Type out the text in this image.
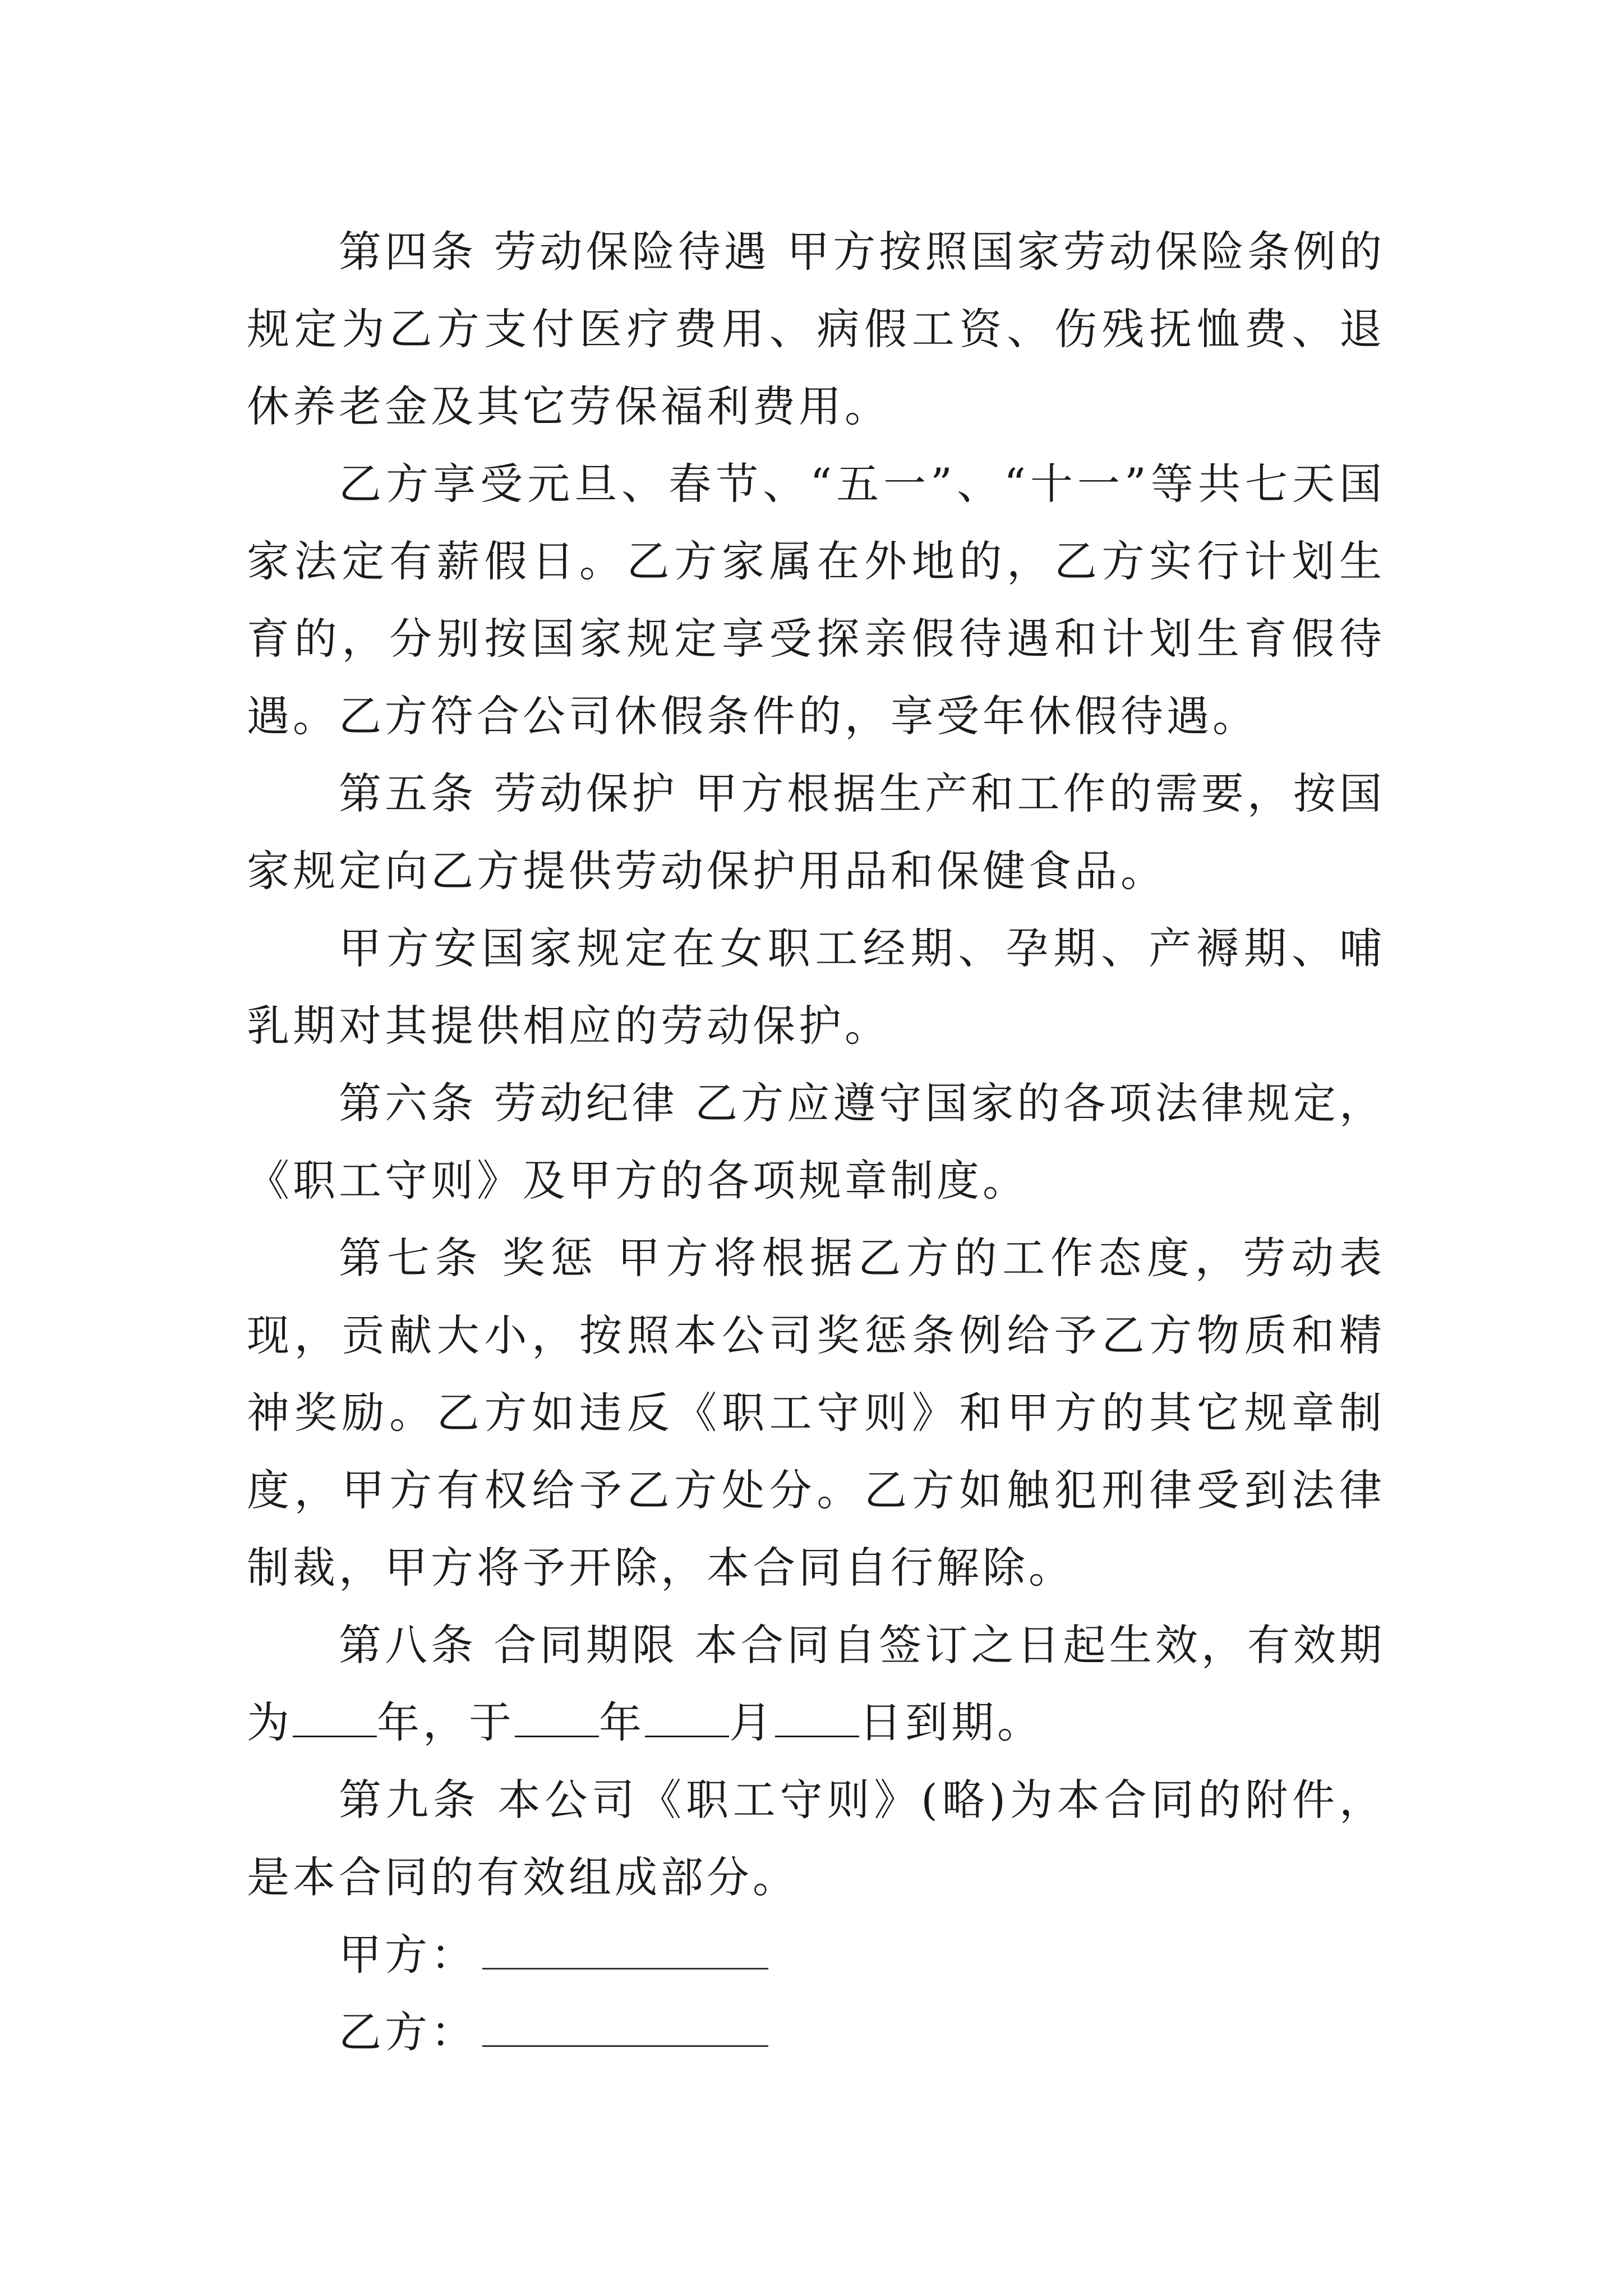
第四条 劳动保险待遇 甲方按照国家劳动保险条例的规定为乙方支付医疗费用、病假工资、伤残抚恤费、退休养老金及其它劳保福利费用。

乙方享受元旦、春节、“五一”、“十一”等共七天国家法定有薪假日。乙方家属在外地的，乙方实行计划生育的，分别按国家规定享受探亲假待遇和计划生育假待遇。乙方符合公司休假条件的，享受年休假待遇。

第五条 劳动保护 甲方根据生产和工作的需要，按国家规定向乙方提供劳动保护用品和保健食品。

甲方安国家规定在女职工经期、孕期、产褥期、哺乳期对其提供相应的劳动保护。

第六条 劳动纪律 乙方应遵守国家的各项法律规定，《职工守则》及甲方的各项规章制度。

第七条 奖惩 甲方将根据乙方的工作态度，劳动表现，贡献大小，按照本公司奖惩条例给予乙方物质和精神奖励。乙方如违反《职工守则》和甲方的其它规章制度，甲方有权给予乙方处分。乙方如触犯刑律受到法律制裁，甲方将予开除，本合同自行解除。

第八条 合同期限 本合同自签订之日起生效，有效期为 年，于 年 月 日到期。

第九条 本公司《职工守则》(略)为本合同的附件，是本合同的有效组成部分。

甲方：

乙方：
